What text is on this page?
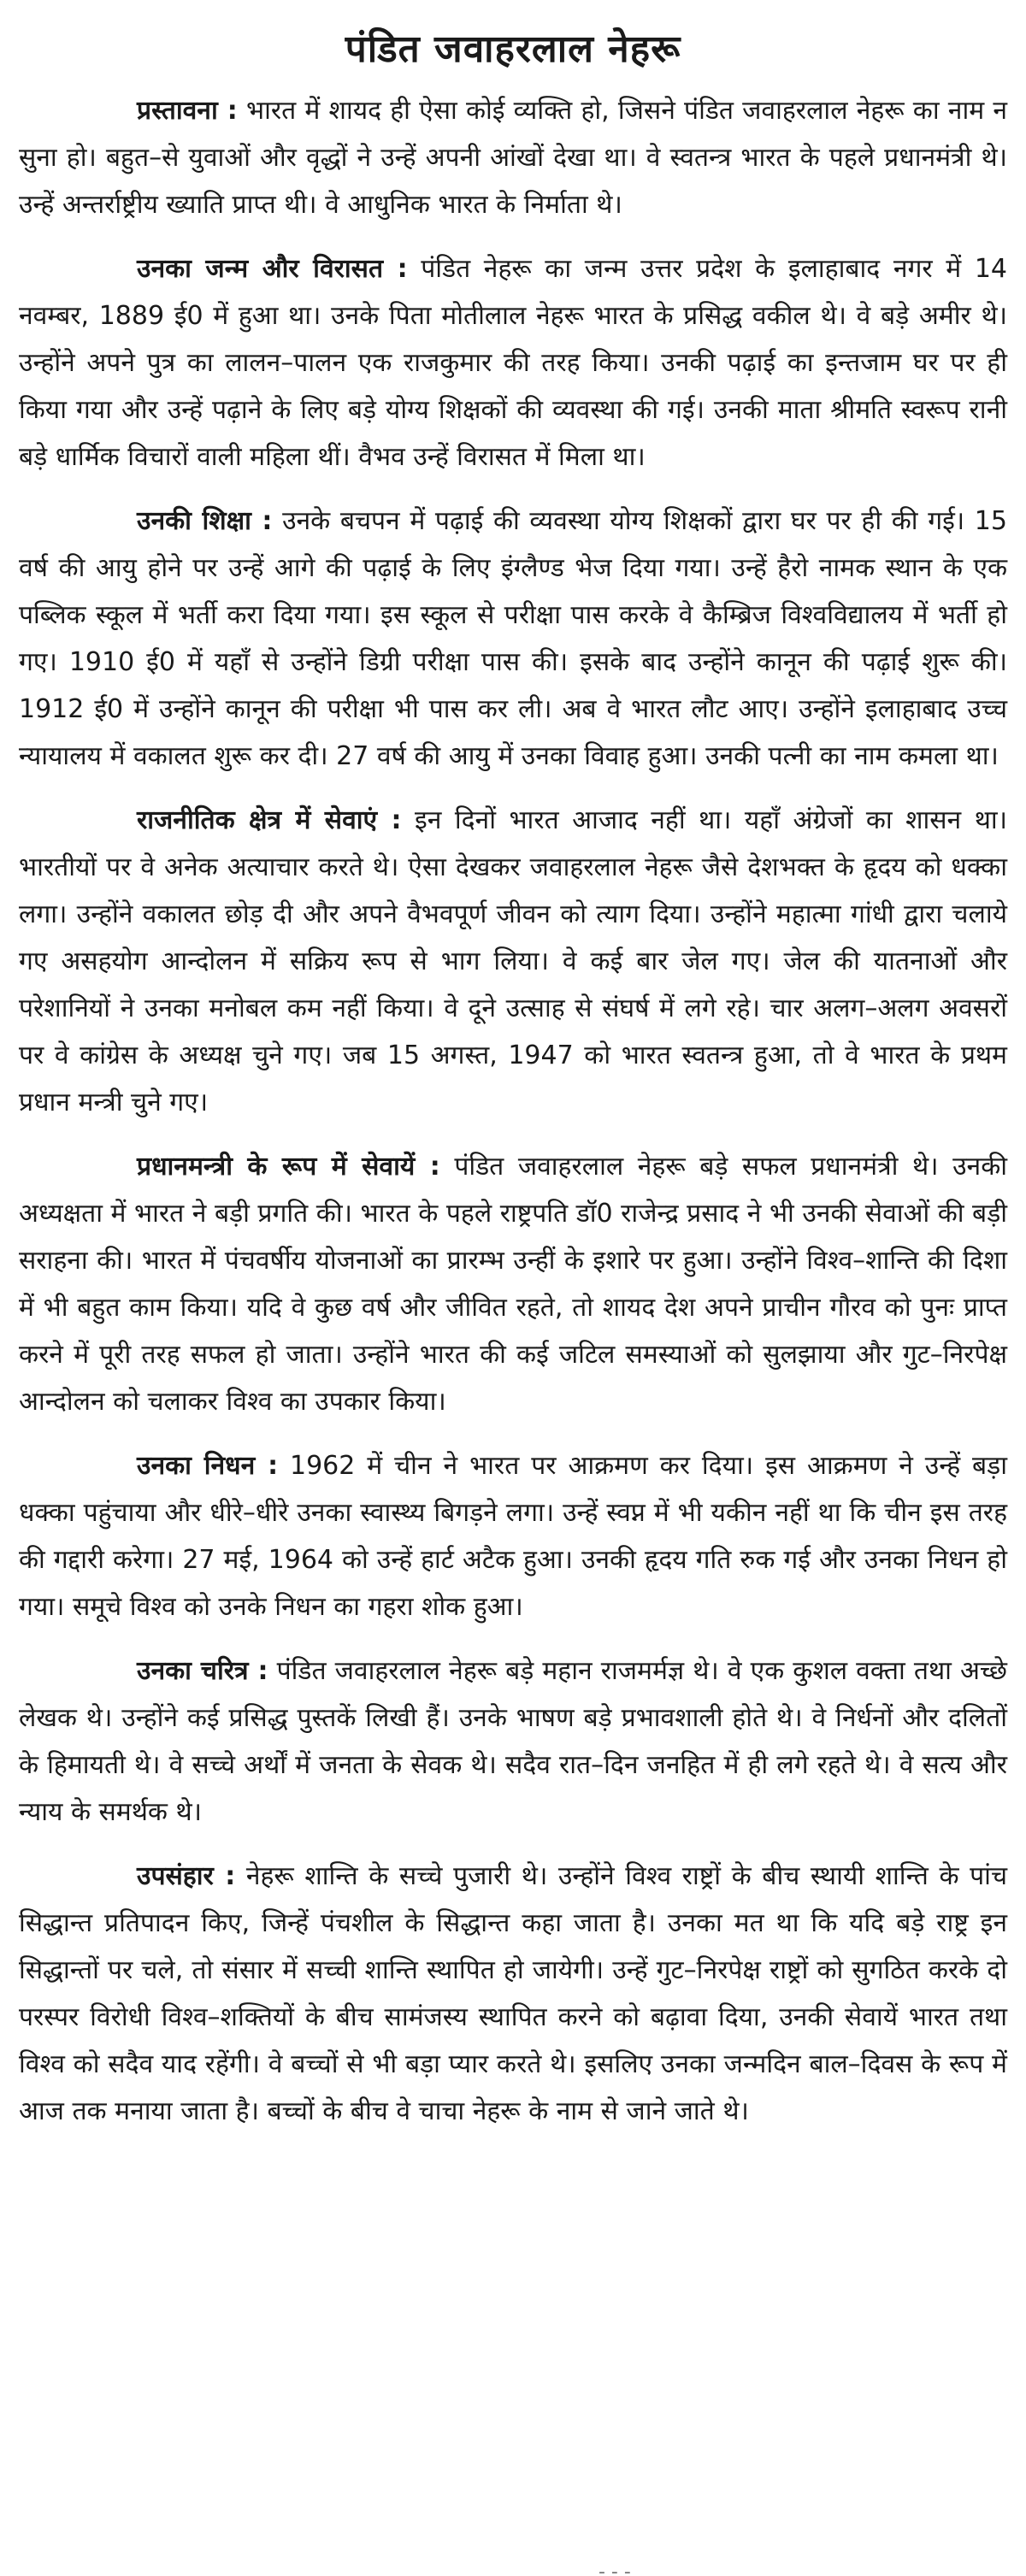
पंडित जवाहरलाल नेहरू

प्रस्तावना : भारत में शायद ही ऐसा कोई व्यक्ति हो, जिसने पंडित जवाहरलाल नेहरू का नाम न सुना हो। बहुत–से युवाओं और वृद्धों ने उन्हें अपनी आंखों देखा था। वे स्वतन्त्र भारत के पहले प्रधानमंत्री थे। उन्हें अन्तर्राष्ट्रीय ख्याति प्राप्त थी। वे आधुनिक भारत के निर्माता थे।

उनका जन्म और विरासत : पंडित नेहरू का जन्म उत्तर प्रदेश के इलाहाबाद नगर में 14 नवम्बर, 1889 ई0 में हुआ था। उनके पिता मोतीलाल नेहरू भारत के प्रसिद्ध वकील थे। वे बड़े अमीर थे। उन्होंने अपने पुत्र का लालन–पालन एक राजकुमार की तरह किया। उनकी पढ़ाई का इन्तजाम घर पर ही किया गया और उन्हें पढ़ाने के लिए बड़े योग्य शिक्षकों की व्यवस्था की गई। उनकी माता श्रीमति स्वरूप रानी बड़े धार्मिक विचारों वाली महिला थीं। वैभव उन्हें विरासत में मिला था।

उनकी शिक्षा : उनके बचपन में पढ़ाई की व्यवस्था योग्य शिक्षकों द्वारा घर पर ही की गई। 15 वर्ष की आयु होने पर उन्हें आगे की पढ़ाई के लिए इंग्लैण्ड भेज दिया गया। उन्हें हैरो नामक स्थान के एक पब्लिक स्कूल में भर्ती करा दिया गया। इस स्कूल से परीक्षा पास करके वे कैम्ब्रिज विश्वविद्यालय में भर्ती हो गए। 1910 ई0 में यहाँ से उन्होंने डिग्री परीक्षा पास की। इसके बाद उन्होंने कानून की पढ़ाई शुरू की। 1912 ई0 में उन्होंने कानून की परीक्षा भी पास कर ली। अब वे भारत लौट आए। उन्होंने इलाहाबाद उच्च न्यायालय में वकालत शुरू कर दी। 27 वर्ष की आयु में उनका विवाह हुआ। उनकी पत्नी का नाम कमला था।

राजनीतिक क्षेत्र में सेवाएं : इन दिनों भारत आजाद नहीं था। यहाँ अंग्रेजों का शासन था। भारतीयों पर वे अनेक अत्याचार करते थे। ऐसा देखकर जवाहरलाल नेहरू जैसे देशभक्त के हृदय को धक्का लगा। उन्होंने वकालत छोड़ दी और अपने वैभवपूर्ण जीवन को त्याग दिया। उन्होंने महात्मा गांधी द्वारा चलाये गए असहयोग आन्दोलन में सक्रिय रूप से भाग लिया। वे कई बार जेल गए। जेल की यातनाओं और परेशानियों ने उनका मनोबल कम नहीं किया। वे दूने उत्साह से संघर्ष में लगे रहे। चार अलग–अलग अवसरों पर वे कांग्रेस के अध्यक्ष चुने गए। जब 15 अगस्त, 1947 को भारत स्वतन्त्र हुआ, तो वे भारत के प्रथम प्रधान मन्त्री चुने गए।

प्रधानमन्त्री के रूप में सेवायें : पंडित जवाहरलाल नेहरू बड़े सफल प्रधानमंत्री थे। उनकी अध्यक्षता में भारत ने बड़ी प्रगति की। भारत के पहले राष्ट्रपति डॉ0 राजेन्द्र प्रसाद ने भी उनकी सेवाओं की बड़ी सराहना की। भारत में पंचवर्षीय योजनाओं का प्रारम्भ उन्हीं के इशारे पर हुआ। उन्होंने विश्व–शान्ति की दिशा में भी बहुत काम किया। यदि वे कुछ वर्ष और जीवित रहते, तो शायद देश अपने प्राचीन गौरव को पुनः प्राप्त करने में पूरी तरह सफल हो जाता। उन्होंने भारत की कई जटिल समस्याओं को सुलझाया और गुट–निरपेक्ष आन्दोलन को चलाकर विश्व का उपकार किया।

उनका निधन : 1962 में चीन ने भारत पर आक्रमण कर दिया। इस आक्रमण ने उन्हें बड़ा धक्का पहुंचाया और धीरे–धीरे उनका स्वास्थ्य बिगड़ने लगा। उन्हें स्वप्न में भी यकीन नहीं था कि चीन इस तरह की गद्दारी करेगा। 27 मई, 1964 को उन्हें हार्ट अटैक हुआ। उनकी हृदय गति रुक गई और उनका निधन हो गया। समूचे विश्व को उनके निधन का गहरा शोक हुआ।

उनका चरित्र : पंडित जवाहरलाल नेहरू बड़े महान राजमर्मज्ञ थे। वे एक कुशल वक्ता तथा अच्छे लेखक थे। उन्होंने कई प्रसिद्ध पुस्तकें लिखी हैं। उनके भाषण बड़े प्रभावशाली होते थे। वे निर्धनों और दलितों के हिमायती थे। वे सच्चे अर्थों में जनता के सेवक थे। सदैव रात–दिन जनहित में ही लगे रहते थे। वे सत्य और न्याय के समर्थक थे।

उपसंहार : नेहरू शान्ति के सच्चे पुजारी थे। उन्होंने विश्व राष्ट्रों के बीच स्थायी शान्ति के पांच सिद्धान्त प्रतिपादन किए, जिन्हें पंचशील के सिद्धान्त कहा जाता है। उनका मत था कि यदि बड़े राष्ट्र इन सिद्धान्तों पर चले, तो संसार में सच्ची शान्ति स्थापित हो जायेगी। उन्हें गुट–निरपेक्ष राष्ट्रों को सुगठित करके दो परस्पर विरोधी विश्व–शक्तियों के बीच सामंजस्य स्थापित करने को बढ़ावा दिया, उनकी सेवायें भारत तथा विश्व को सदैव याद रहेंगी। वे बच्चों से भी बड़ा प्यार करते थे। इसलिए उनका जन्मदिन बाल–दिवस के रूप में आज तक मनाया जाता है। बच्चों के बीच वे चाचा नेहरू के नाम से जाने जाते थे।

- - -
